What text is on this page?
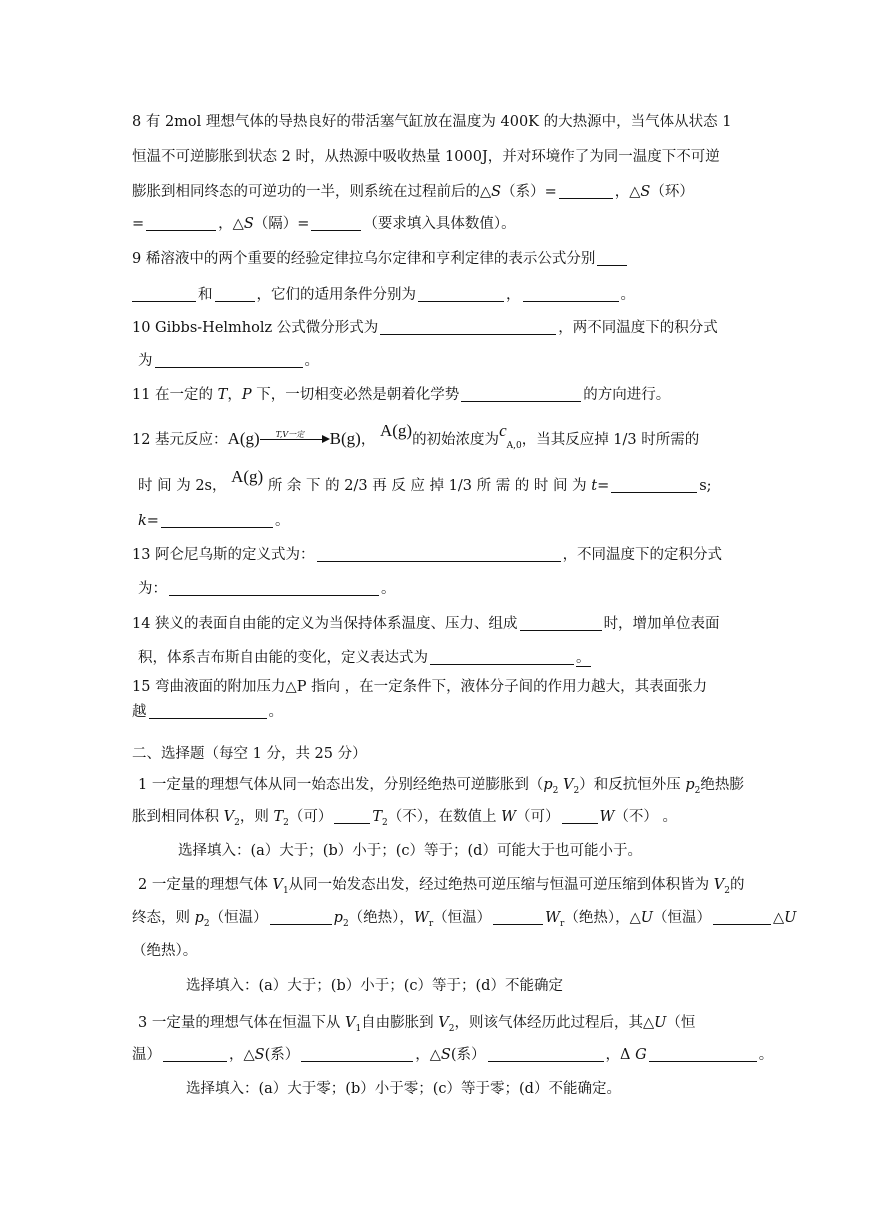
8 有 2mol 理想气体的导热良好的带活塞气缸放在温度为 400K 的大热源中，当气体从状态 1
恒温不可逆膨胀到状态 2 时，从热源中吸收热量 1000J，并对环境作了为同一温度下不可逆
膨胀到相同终态的可逆功的一半，则系统在过程前后的△S（系）=	，△S（环）
=	，△S（隔）=	（要求填入具体数值）。
9 稀溶液中的两个重要的经验定律拉乌尔定律和亨利定律的表示公式分别
和	，它们的适用条件分别为	，	。
10 Gibbs-Helmholz 公式微分形式为	，两不同温度下的积分式
为	。
11 在一定的 T，P 下，一切相变必然是朝着化学势	的方向进行。
12 基元反应：A(g) T,V一定 B(g)， A(g)的初始浓度为$c_{A,0}$，当其反应掉 1/3 时所需的
时 间 为 2s， A(g) 所 余 下 的 2/3 再 反 应 掉 1/3 所 需 的 时 间 为 t=	s;
k=	。
13 阿仑尼乌斯的定义式为：	，不同温度下的定积分式
为：	。
14 狭义的表面自由能的定义为当保持体系温度、压力、组成	时，增加单位表面
积，体系吉布斯自由能的变化，定义表达式为	。
15 弯曲液面的附加压力△P 指向 ，在一定条件下，液体分子间的作用力越大，其表面张力
越	。
二、选择题（每空 1 分，共 25 分）
1 一定量的理想气体从同一始态出发，分别经绝热可逆膨胀到（$p_2$ $V_2$）和反抗恒外压 $p_2$绝热膨
胀到相同体积 $V_2$，则 $T_2$（可）	$T_2$（不），在数值上 W（可）	W（不） 。
选择填入：(a）大于；(b）小于；(c）等于；(d）可能大于也可能小于。
2 一定量的理想气体 $V_1$从同一始发态出发，经过绝热可逆压缩与恒温可逆压缩到体积皆为 $V_2$的
终态，则 $p_2$（恒温）	$p_2$（绝热），$W_r$（恒温）	$W_r$（绝热），△U（恒温）	△U
（绝热）。
选择填入：(a）大于；(b）小于；(c）等于；(d）不能确定
3 一定量的理想气体在恒温下从 $V_1$自由膨胀到 $V_2$，则该气体经历此过程后，其△U（恒
温）	，△S(系）	，△S(系）	，Δ G	。
选择填入：(a）大于零；(b）小于零；(c）等于零；(d）不能确定。
